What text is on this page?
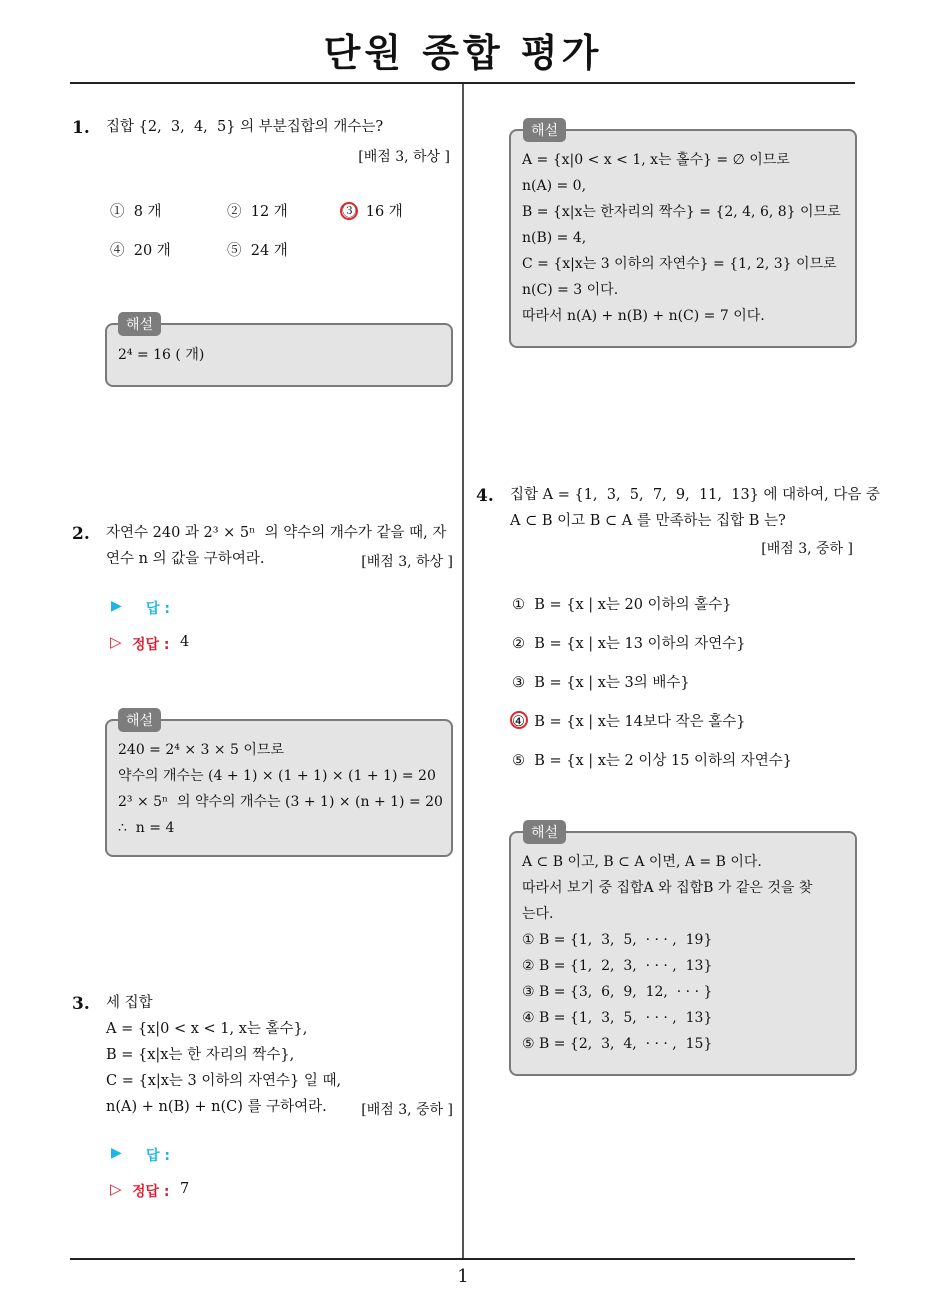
단원 종합 평가
1. 집합 {2,  3,  4,  5} 의 부분집합의 개수는?
[배점 3, 하상 ]
①  8 개	②  12 개	③  16 개
④  20 개	⑤  24 개
해설
2⁴ = 16 ( 개)
2. 자연수 240 과 2³ × 5ⁿ  의 약수의 개수가 같을 때, 자
연수 n 의 값을 구하여라.	[배점 3, 하상 ]
▶ 답 :
▷ 정답 : 4
해설
240 = 2⁴ × 3 × 5 이므로
약수의 개수는 (4 + 1) × (1 + 1) × (1 + 1) = 20
2³ × 5ⁿ  의 약수의 개수는 (3 + 1) × (n + 1) = 20
∴  n = 4
3. 세 집합
A = {x|0 < x < 1, x는 홀수},
B = {x|x는 한 자리의 짝수},
C = {x|x는 3 이하의 자연수} 일 때,
n(A) + n(B) + n(C) 를 구하여라.	[배점 3, 중하 ]
▶ 답 :
▷ 정답 : 7
해설
A = {x|0 < x < 1, x는 홀수} = ∅ 이므로
n(A) = 0,
B = {x|x는 한자리의 짝수} = {2, 4, 6, 8} 이므로
n(B) = 4,
C = {x|x는 3 이하의 자연수} = {1, 2, 3} 이므로
n(C) = 3 이다.
따라서 n(A) + n(B) + n(C) = 7 이다.
4. 집합 A = {1,  3,  5,  7,  9,  11,  13} 에 대하여, 다음 중
A ⊂ B 이고 B ⊂ A 를 만족하는 집합 B 는?
[배점 3, 중하 ]
①  B = {x | x는 20 이하의 홀수}
②  B = {x | x는 13 이하의 자연수}
③  B = {x | x는 3의 배수}
④  B = {x | x는 14보다 작은 홀수}
⑤  B = {x | x는 2 이상 15 이하의 자연수}
해설
A ⊂ B 이고, B ⊂ A 이면, A = B 이다.
따라서 보기 중 집합A 와 집합B 가 같은 것을 찾
는다.
① B = {1,  3,  5,  · · · ,  19}
② B = {1,  2,  3,  · · · ,  13}
③ B = {3,  6,  9,  12,  · · · }
④ B = {1,  3,  5,  · · · ,  13}
⑤ B = {2,  3,  4,  · · · ,  15}
1
